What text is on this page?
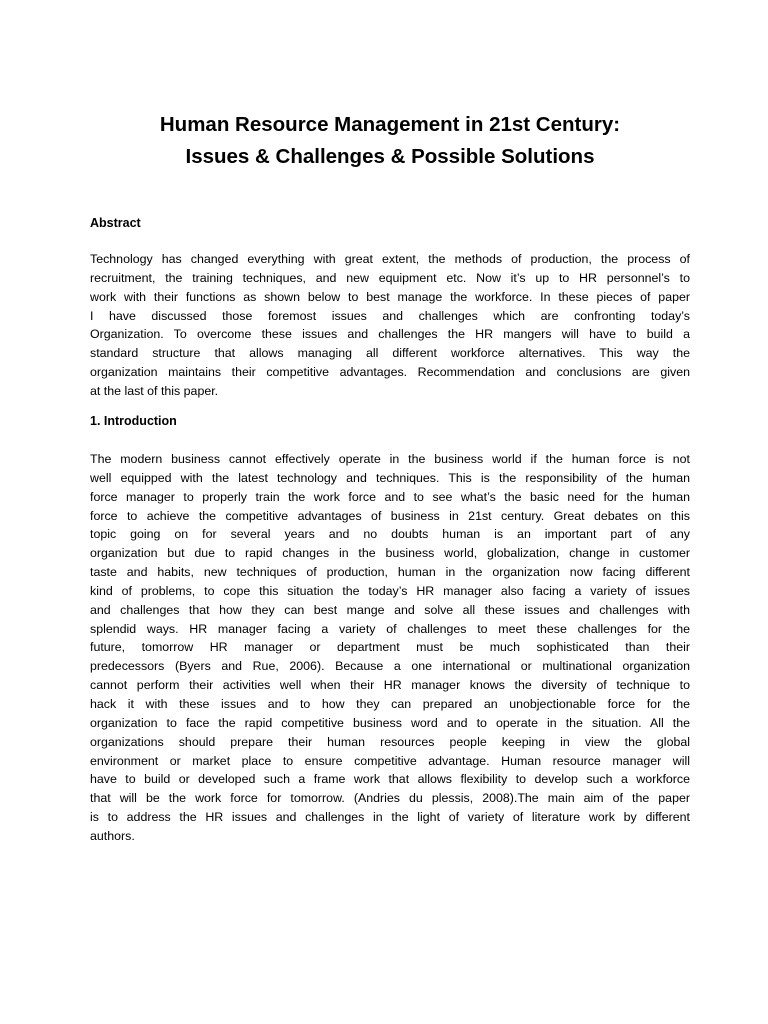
Human Resource Management in 21st Century:
Issues & Challenges & Possible Solutions
Abstract
Technology has changed everything with great extent, the methods of production, the process of
recruitment, the training techniques, and new equipment etc. Now it’s up to HR personnel’s to
work with their functions as shown below to best manage the workforce. In these pieces of paper
I have discussed those foremost issues and challenges which are confronting today’s
Organization. To overcome these issues and challenges the HR mangers will have to build a
standard structure that allows managing all different workforce alternatives. This way the
organization maintains their competitive advantages. Recommendation and conclusions are given
at the last of this paper.
1. Introduction
The modern business cannot effectively operate in the business world if the human force is not
well equipped with the latest technology and techniques. This is the responsibility of the human
force manager to properly train the work force and to see what’s the basic need for the human
force to achieve the competitive advantages of business in 21st century. Great debates on this
topic going on for several years and no doubts human is an important part of any
organization but due to rapid changes in the business world, globalization, change in customer
taste and habits, new techniques of production, human in the organization now facing different
kind of problems, to cope this situation the today’s HR manager also facing a variety of issues
and challenges that how they can best mange and solve all these issues and challenges with
splendid ways. HR manager facing a variety of challenges to meet these challenges for the
future, tomorrow HR manager or department must be much sophisticated than their
predecessors (Byers and Rue, 2006). Because a one international or multinational organization
cannot perform their activities well when their HR manager knows the diversity of technique to
hack it with these issues and to how they can prepared an unobjectionable force for the
organization to face the rapid competitive business word and to operate in the situation. All the
organizations should prepare their human resources people keeping in view the global
environment or market place to ensure competitive advantage. Human resource manager will
have to build or developed such a frame work that allows flexibility to develop such a workforce
that will be the work force for tomorrow. (Andries du plessis, 2008).The main aim of the paper
is to address the HR issues and challenges in the light of variety of literature work by different
authors.
